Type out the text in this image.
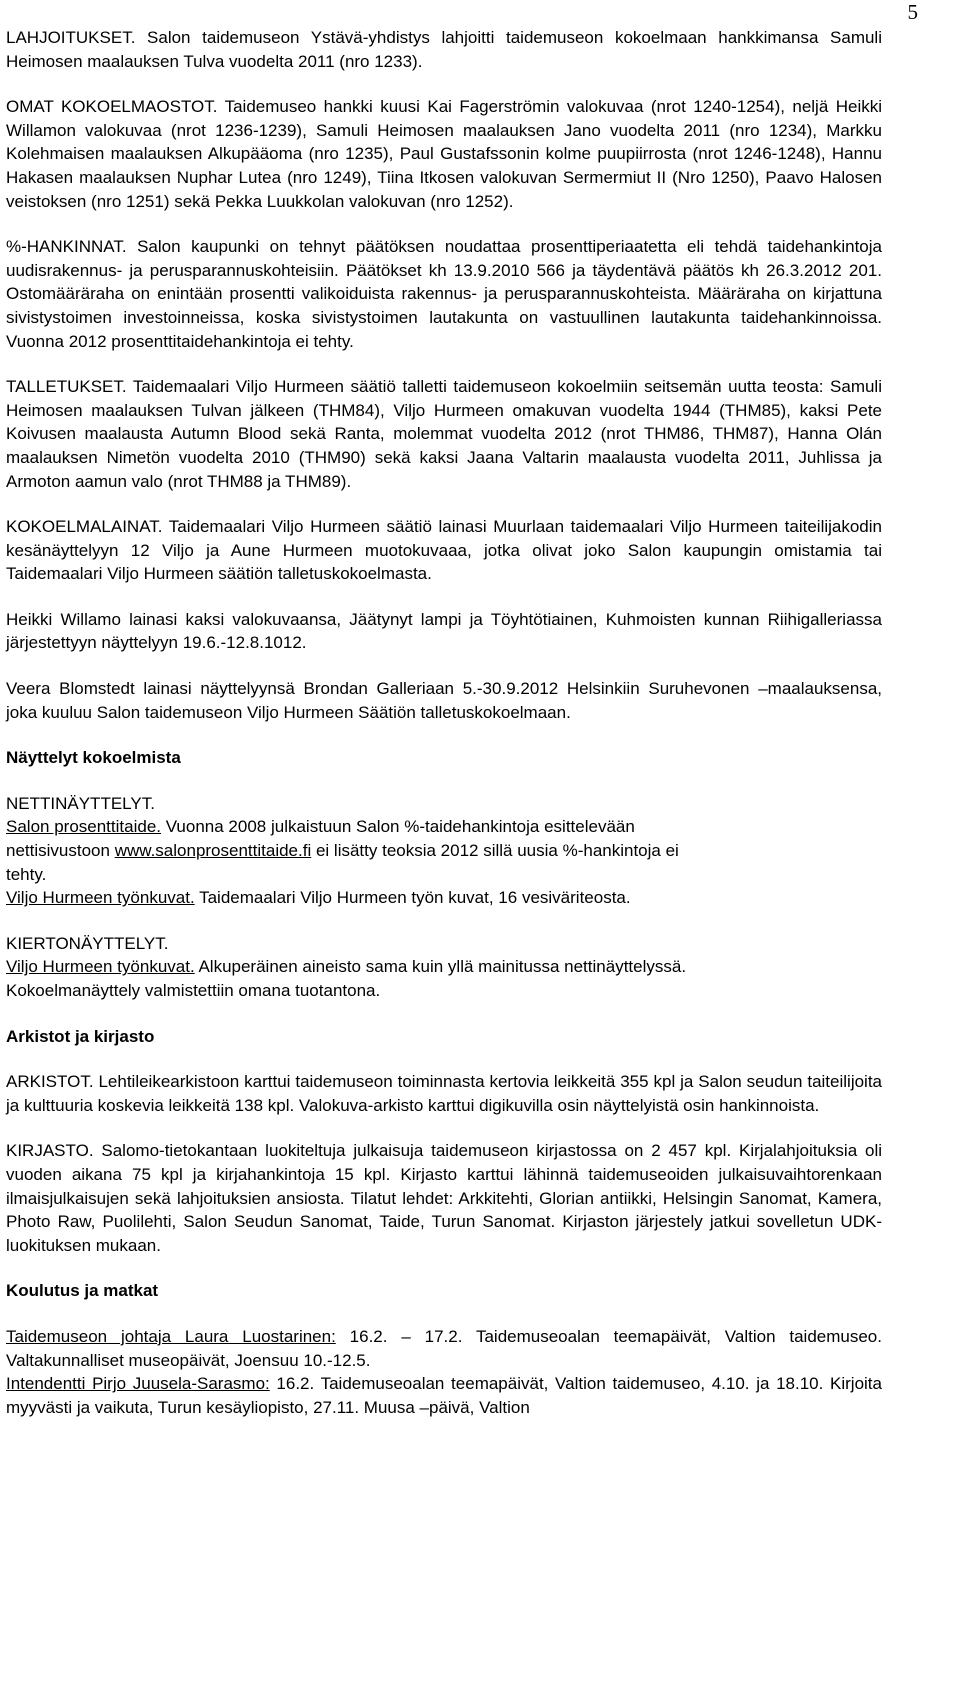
5

LAHJOITUKSET. Salon taidemuseon Ystävä-yhdistys lahjoitti taidemuseon kokoelmaan hankkimansa Samuli Heimosen maalauksen Tulva vuodelta 2011 (nro 1233).

OMAT KOKOELMAOSTOT. Taidemuseo hankki kuusi Kai Fagerströmin valokuvaa (nrot 1240-1254), neljä Heikki Willamon valokuvaa (nrot 1236-1239), Samuli Heimosen maalauksen Jano vuodelta 2011 (nro 1234), Markku Kolehmaisen maalauksen Alkupääoma (nro 1235), Paul Gustafssonin kolme puupiirrosta (nrot 1246-1248), Hannu Hakasen maalauksen Nuphar Lutea (nro 1249), Tiina Itkosen valokuvan Sermermiut II (Nro 1250), Paavo Halosen veistoksen (nro 1251) sekä Pekka Luukkolan valokuvan (nro 1252).

%-HANKINNAT. Salon kaupunki on tehnyt päätöksen noudattaa prosenttiperiaatetta eli tehdä taidehankintoja uudisrakennus- ja perusparannuskohteisiin. Päätökset kh 13.9.2010 566 ja täydentävä päätös kh 26.3.2012 201. Ostomääräraha on enintään prosentti valikoiduista rakennus- ja perusparannuskohteista. Määräraha on kirjattuna sivistystoimen investoinneissa, koska sivistystoimen lautakunta on vastuullinen lautakunta taidehankinnoissa. Vuonna 2012 prosenttitaidehankintoja ei tehty.

TALLETUKSET. Taidemaalari Viljo Hurmeen säätiö talletti taidemuseon kokoelmiin seitsemän uutta teosta: Samuli Heimosen maalauksen Tulvan jälkeen (THM84), Viljo Hurmeen omakuvan vuodelta 1944 (THM85), kaksi Pete Koivusen maalausta Autumn Blood sekä Ranta, molemmat vuodelta 2012 (nrot THM86, THM87), Hanna Olán maalauksen Nimetön vuodelta 2010 (THM90) sekä kaksi Jaana Valtarin maalausta vuodelta 2011, Juhlissa ja Armoton aamun valo (nrot THM88 ja THM89).

KOKOELMALAINAT. Taidemaalari Viljo Hurmeen säätiö lainasi Muurlaan taidemaalari Viljo Hurmeen taiteilijakodin kesänäyttelyyn 12 Viljo ja Aune Hurmeen muotokuvaaa, jotka olivat joko Salon kaupungin omistamia tai Taidemaalari Viljo Hurmeen säätiön talletuskokoelmasta.

Heikki Willamo lainasi kaksi valokuvaansa, Jäätynyt lampi ja Töyhtötiainen, Kuhmoisten kunnan Riihigalleriassa järjestettyyn näyttelyyn 19.6.-12.8.1012.

Veera Blomstedt lainasi näyttelyynsä Brondan Galleriaan 5.-30.9.2012 Helsinkiin Suruhevonen –maalauksensa, joka kuuluu Salon taidemuseon Viljo Hurmeen Säätiön talletuskokoelmaan.

Näyttelyt kokoelmista

NETTINÄYTTELYT.

Salon prosenttitaide. Vuonna 2008 julkaistuun Salon %-taidehankintoja esittelevään

nettisivustoon www.salonprosenttitaide.fi ei lisätty teoksia 2012 sillä uusia %-hankintoja ei

tehty.

Viljo Hurmeen työnkuvat. Taidemaalari Viljo Hurmeen työn kuvat, 16 vesiväriteosta.

KIERTONÄYTTELYT.

Viljo Hurmeen työnkuvat. Alkuperäinen aineisto sama kuin yllä mainitussa nettinäyttelyssä.

Kokoelmanäyttely valmistettiin omana tuotantona.

Arkistot ja kirjasto

ARKISTOT. Lehtileikearkistoon karttui taidemuseon toiminnasta kertovia leikkeitä 355 kpl ja Salon seudun taiteilijoita ja kulttuuria koskevia leikkeitä 138 kpl. Valokuva-arkisto karttui digikuvilla osin näyttelyistä osin hankinnoista.

KIRJASTO. Salomo-tietokantaan luokiteltuja julkaisuja taidemuseon kirjastossa on 2 457 kpl. Kirjalahjoituksia oli vuoden aikana 75 kpl ja kirjahankintoja 15 kpl. Kirjasto karttui lähinnä taidemuseoiden julkaisuvaihtorenkaan ilmaisjulkaisujen sekä lahjoituksien ansiosta. Tilatut lehdet: Arkkitehti, Glorian antiikki, Helsingin Sanomat, Kamera, Photo Raw, Puolilehti, Salon Seudun Sanomat, Taide, Turun Sanomat. Kirjaston järjestely jatkui sovelletun UDK-luokituksen mukaan.

Koulutus ja matkat

Taidemuseon johtaja Laura Luostarinen: 16.2. – 17.2. Taidemuseoalan teemapäivät, Valtion taidemuseo. Valtakunnalliset museopäivät, Joensuu 10.-12.5.

Intendentti Pirjo Juusela-Sarasmo: 16.2. Taidemuseoalan teemapäivät, Valtion taidemuseo, 4.10. ja 18.10. Kirjoita myyvästi ja vaikuta, Turun kesäyliopisto, 27.11. Muusa –päivä, Valtion
